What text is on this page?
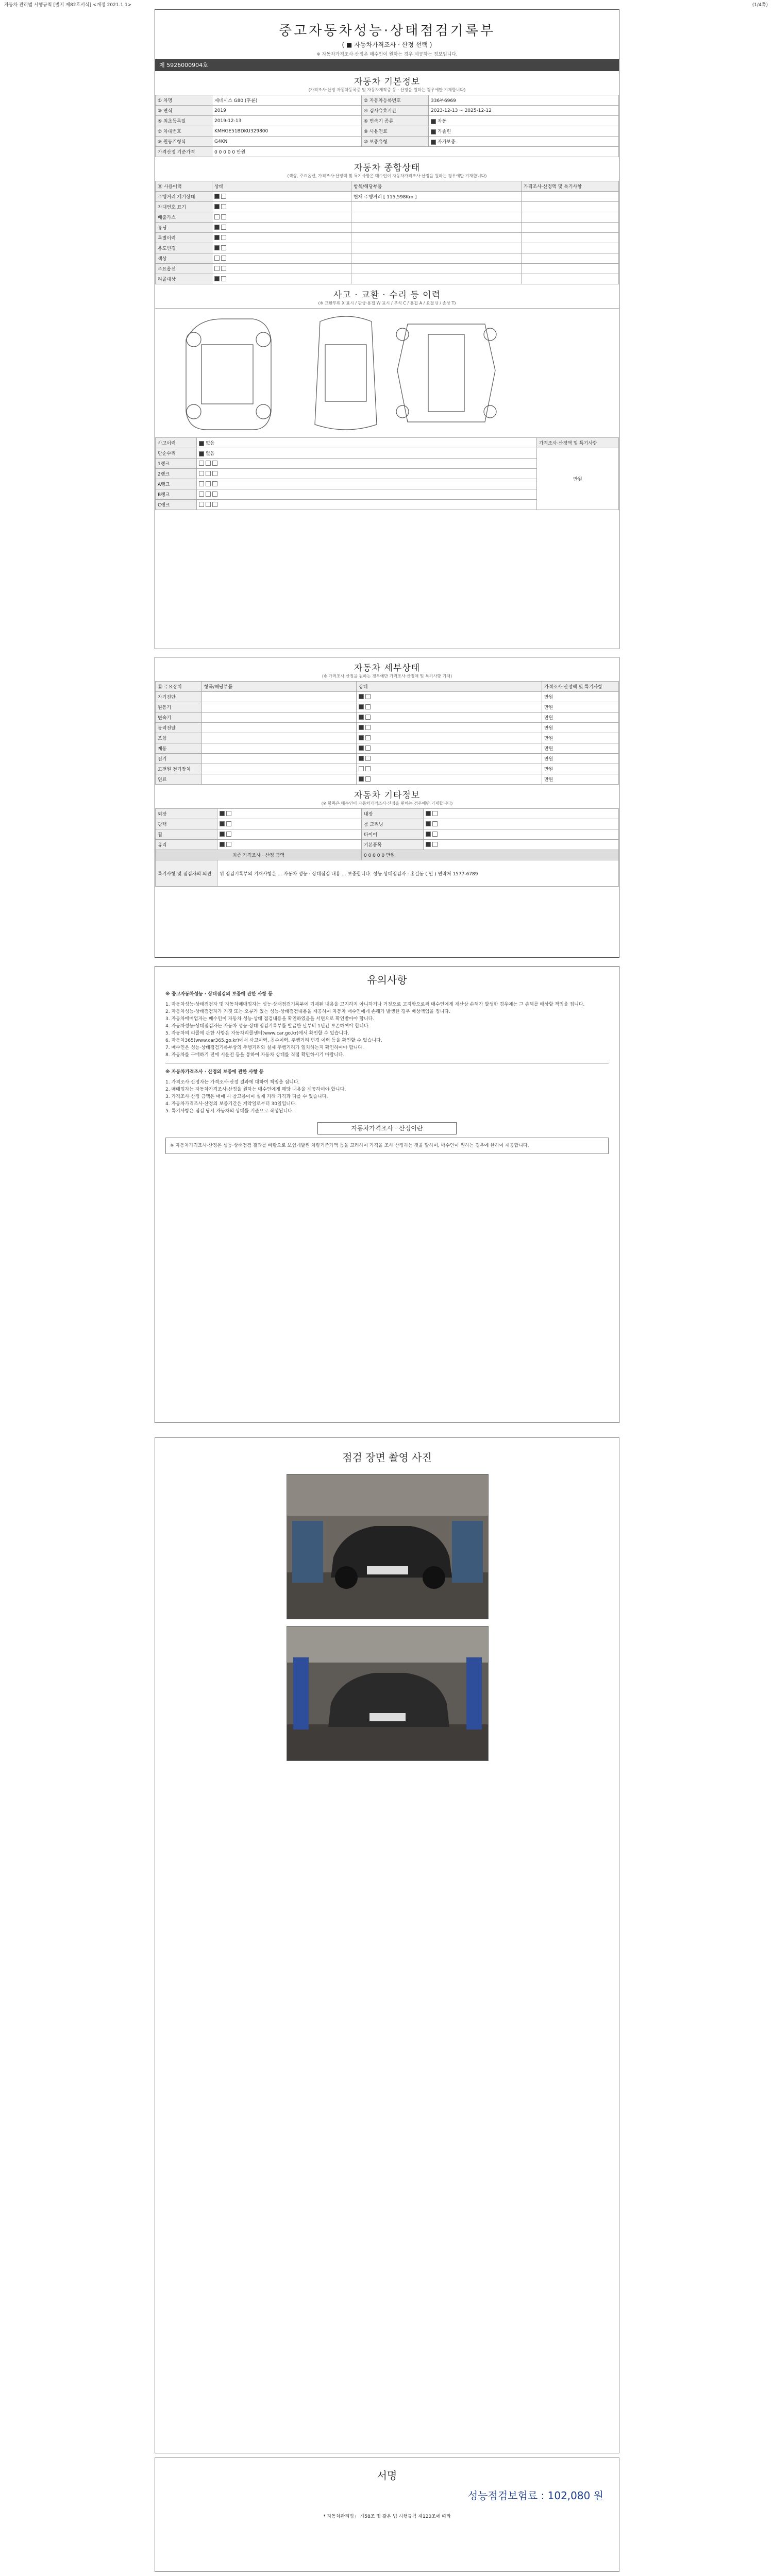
자동차 관리법 시행규칙 [별지 제82호서식] <개정 2021.1.1>	(1/4쪽)
중고자동차성능·상태점검기록부
( ■ 자동차가격조사 · 산정 선택 )
※ 자동차가격조사·산정은 매수인이 원하는 경우 제공하는 정보입니다.
제 5926000904호
자동차 기본정보
(가격조사·산정 자동차등록증 및 자동차제작증 등 · 산정을 원하는 경우에만 기재합니다)
① 차명	제네시스 G80 (후륜)	② 자동차등록번호	336부6969
③ 연식	2019	④ 검사유효기간	2023-12-13 ~ 2025-12-12
⑤ 최초등록일	2019-12-13	⑥ 변속기 종류	자동
⑦ 차대번호	KMHGE51BDKU329800	⑧ 사용연료	가솔린
⑨ 원동기형식	G4KN	⑩ 보증유형	자가보증
가격산정 기준가격	0 0 0 0 0 만원		
자동차 종합상태
(색상, 주요옵션, 가격조사·산정액 및 특기사항은 매수인이 자동차가격조사·산정을 원하는 경우에만 기재합니다)
⑪ 사용이력	상태	항목/해당부품	가격조사·산정액 및 특기사항
주행거리 계기상태		현재 주행거리 [ 115,598Km ]	
차대번호 표기			
배출가스			
튜닝			
특별이력			
용도변경			
색상			
주요옵션			
리콜대상			
사고 · 교환 · 수리 등 이력
(※ 교환부위 X 표시 / 판금·용접 W 표시 / 부식 C / 흠집 A / 요철 U / 손상 T)
사고이력	없음	가격조사·산정액 및 특기사항
단순수리	없음	만원
1랭크		
2랭크		
A랭크		
B랭크		
C랭크		
자동차 세부상태
(※ 가격조사·산정을 원하는 경우에만 가격조사·산정액 및 특기사항 기재)
⑫ 주요장치	항목/해당부품	상태	가격조사·산정액 및 특기사항
자기진단			만원
원동기			만원
변속기			만원
동력전달			만원
조향			만원
제동			만원
전기			만원
고전원 전기장치			만원
연료			만원
자동차 기타정보
(※ 항목은 매수인이 자동차가격조사·산정을 원하는 경우에만 기재합니다)
외장		내장	
광택		룸 크리닝	
휠		타이어	
유리		기본품목	
최종 가격조사 · 산정 금액		0 0 0 0 0 만원	
특기사항 및 점검자의 의견	위 점검기록부의 기재사항은 ... 자동차 성능 · 상태점검 내용 ... 보증합니다. 성능 상태점검자 : 홍길동 ( 인 ) 연락처 1577-6789		
유의사항
※ 중고자동차성능 · 상태점검의 보증에 관한 사항 등
1. 자동차성능·상태점검자 및 자동차매매업자는 성능·상태점검기록부에 기재된 내용을 고지하지 아니하거나 거짓으로 고지함으로써 매수인에게 재산상 손해가 발생한 경우에는 그 손해를 배상할 책임을 집니다.
2. 자동차성능·상태점검자가 거짓 또는 오류가 있는 성능·상태점검내용을 제공하여 자동차 매수인에게 손해가 발생한 경우 배상책임을 집니다.
3. 자동차매매업자는 매수인이 자동차 성능·상태 점검내용을 확인하였음을 서면으로 확인받아야 합니다.
4. 자동차성능·상태점검자는 자동차 성능·상태 점검기록부를 발급한 날부터 1년간 보존하여야 합니다.
5. 자동차의 리콜에 관한 사항은 자동차리콜센터(www.car.go.kr)에서 확인할 수 있습니다.
6. 자동차365(www.car365.go.kr)에서 사고이력, 침수이력, 주행거리 변경 이력 등을 확인할 수 있습니다.
7. 매수인은 성능·상태점검기록부상의 주행거리와 실제 주행거리가 일치하는지 확인하여야 합니다.
8. 자동차를 구매하기 전에 시운전 등을 통하여 자동차 상태를 직접 확인하시기 바랍니다.
※ 자동차가격조사 · 산정의 보증에 관한 사항 등
1. 가격조사·산정자는 가격조사·산정 결과에 대하여 책임을 집니다.
2. 매매업자는 자동차가격조사·산정을 원하는 매수인에게 해당 내용을 제공하여야 합니다.
3. 가격조사·산정 금액은 매매 시 참고용이며 실제 거래 가격과 다를 수 있습니다.
4. 자동차가격조사·산정의 보증기간은 계약일로부터 30일입니다.
5. 특기사항은 점검 당시 자동차의 상태를 기준으로 작성됩니다.
자동차가격조사 · 산정이란
※ 자동차가격조사·산정은 성능·상태점검 결과를 바탕으로 보험개발원 차량기준가액 등을 고려하여 가격을 조사·산정하는 것을 말하며, 매수인이 원하는 경우에 한하여 제공합니다.
점검 장면 촬영 사진
서명
성능점검보험료 : 102,080 원
* 자동차관리법」 제58조 및 같은 법 시행규칙 제120조에 따라
